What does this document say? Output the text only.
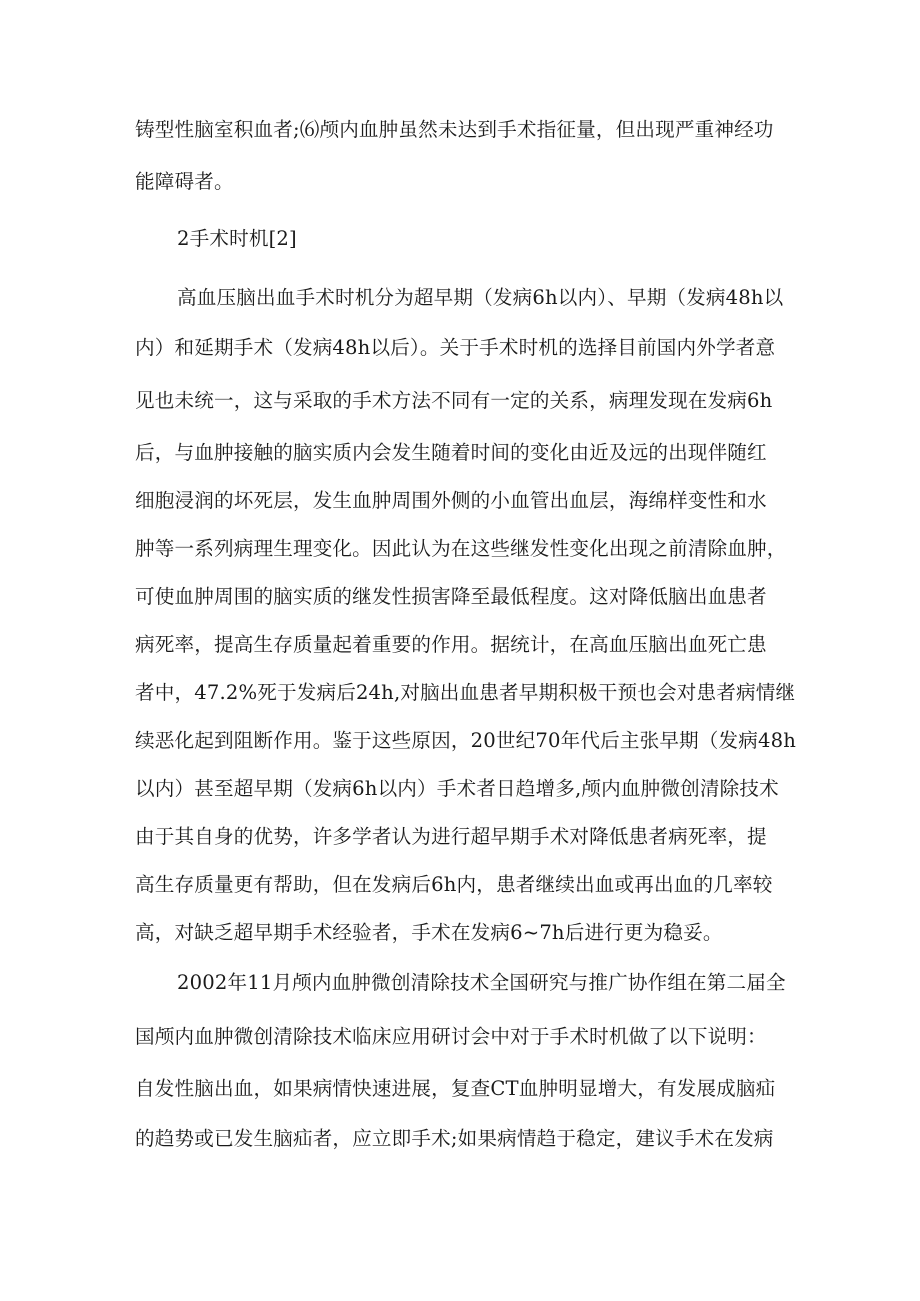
铸型性脑室积血者;⑹颅内血肿虽然未达到手术指征量，但出现严重神经功
能障碍者。
2手术时机[2]
高血压脑出血手术时机分为超早期（发病6h以内）、早期（发病48h以
内）和延期手术（发病48h以后）。关于手术时机的选择目前国内外学者意
见也未统一，这与采取的手术方法不同有一定的关系，病理发现在发病6h
后，与血肿接触的脑实质内会发生随着时间的变化由近及远的出现伴随红
细胞浸润的坏死层，发生血肿周围外侧的小血管出血层，海绵样变性和水
肿等一系列病理生理变化。因此认为在这些继发性变化出现之前清除血肿，
可使血肿周围的脑实质的继发性损害降至最低程度。这对降低脑出血患者
病死率，提高生存质量起着重要的作用。据统计，在高血压脑出血死亡患
者中，47.2%死于发病后24h,对脑出血患者早期积极干预也会对患者病情继
续恶化起到阻断作用。鉴于这些原因，20世纪70年代后主张早期（发病48h
以内）甚至超早期（发病6h以内）手术者日趋增多,颅内血肿微创清除技术
由于其自身的优势，许多学者认为进行超早期手术对降低患者病死率，提
高生存质量更有帮助，但在发病后6h内，患者继续出血或再出血的几率较
高，对缺乏超早期手术经验者，手术在发病6~7h后进行更为稳妥。
2002年11月颅内血肿微创清除技术全国研究与推广协作组在第二届全
国颅内血肿微创清除技术临床应用研讨会中对于手术时机做了以下说明：
自发性脑出血，如果病情快速进展，复查CT血肿明显增大，有发展成脑疝
的趋势或已发生脑疝者，应立即手术;如果病情趋于稳定，建议手术在发病
